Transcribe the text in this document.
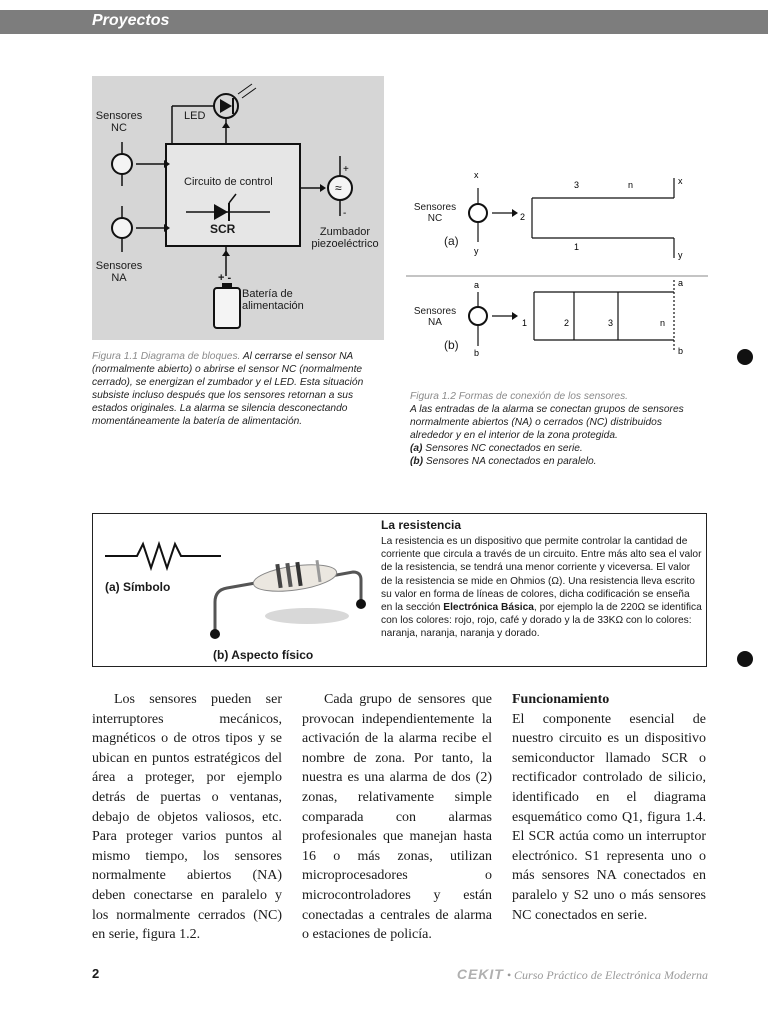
Proyectos
+
-
≈
Sensores NC
LED
Circuito de control
SCR	Zumbador piezoeléctrico
Sensores NA	+ -
Batería de alimentación
Figura 1.1 Diagrama de bloques. Al cerrarse el sensor NA (normalmente abierto) o abrirse el sensor NC (normalmente cerrado), se energizan el zumbador y el LED. Esta situación subsiste incluso después que los sensores retornan a sus estados originales. La alarma se silencia desconectando momentáneamente la batería de alimentación.
x
y
x
y
3	n
1
2
a
b
a
b
1	2	3	n
Sensores NC
(a)
Sensores NA
(b)
Figura 1.2 Formas de conexión de los sensores.
A las entradas de la alarma se conectan grupos de sensores normalmente abiertos (NA) o cerrados (NC) distribuidos alrededor y en el interior de la zona protegida.
(a) Sensores NC conectados en serie.
(b) Sensores NA conectados en paralelo.
La resistencia
La resistencia es un dispositivo que permite controlar la cantidad de corriente que circula a través de un circuito. Entre más alto sea el valor de la resistencia, se tendrá una menor corriente y viceversa. El valor de la resistencia se mide en Ohmios (Ω). Una resistencia lleva escrito su valor en forma de líneas de colores, dicha codificación se enseña en la sección Electrónica Básica, por ejemplo la de 220Ω se identifica con los colores: rojo, rojo, café y dorado y la de 33KΩ con lo colores: naranja, naranja, naranja y dorado.
(a) Símbolo
(b) Aspecto físico

Los sensores pueden ser interruptores mecánicos, magnéticos o de otros tipos y se ubican en puntos estratégicos del área a proteger, por ejemplo detrás de puertas o ventanas, debajo de objetos valiosos, etc. Para proteger varios puntos al mismo tiempo, los sensores normalmente abiertos (NA) deben conectarse en paralelo y los normalmente cerrados (NC) en serie, figura 1.2.

Cada grupo de sensores que provocan independientemente la activación de la alarma recibe el nombre de zona. Por tanto, la nuestra es una alarma de dos (2) zonas, relativamente simple comparada con alarmas profesionales que manejan hasta 16 o más zonas, utilizan microprocesadores o microcontroladores y están conectadas a centrales de alarma o estaciones de policía.

Funcionamiento

El componente esencial de nuestro circuito es un dispositivo semiconductor llamado SCR o rectificador controlado de silicio, identificado en el diagrama esquemático como Q1, figura 1.4. El SCR actúa como un interruptor electrónico. S1 representa uno o más sensores NA conectados en paralelo y S2 uno o más sensores NC conectados en serie.

2	CEKIT • Curso Práctico de Electrónica Moderna
